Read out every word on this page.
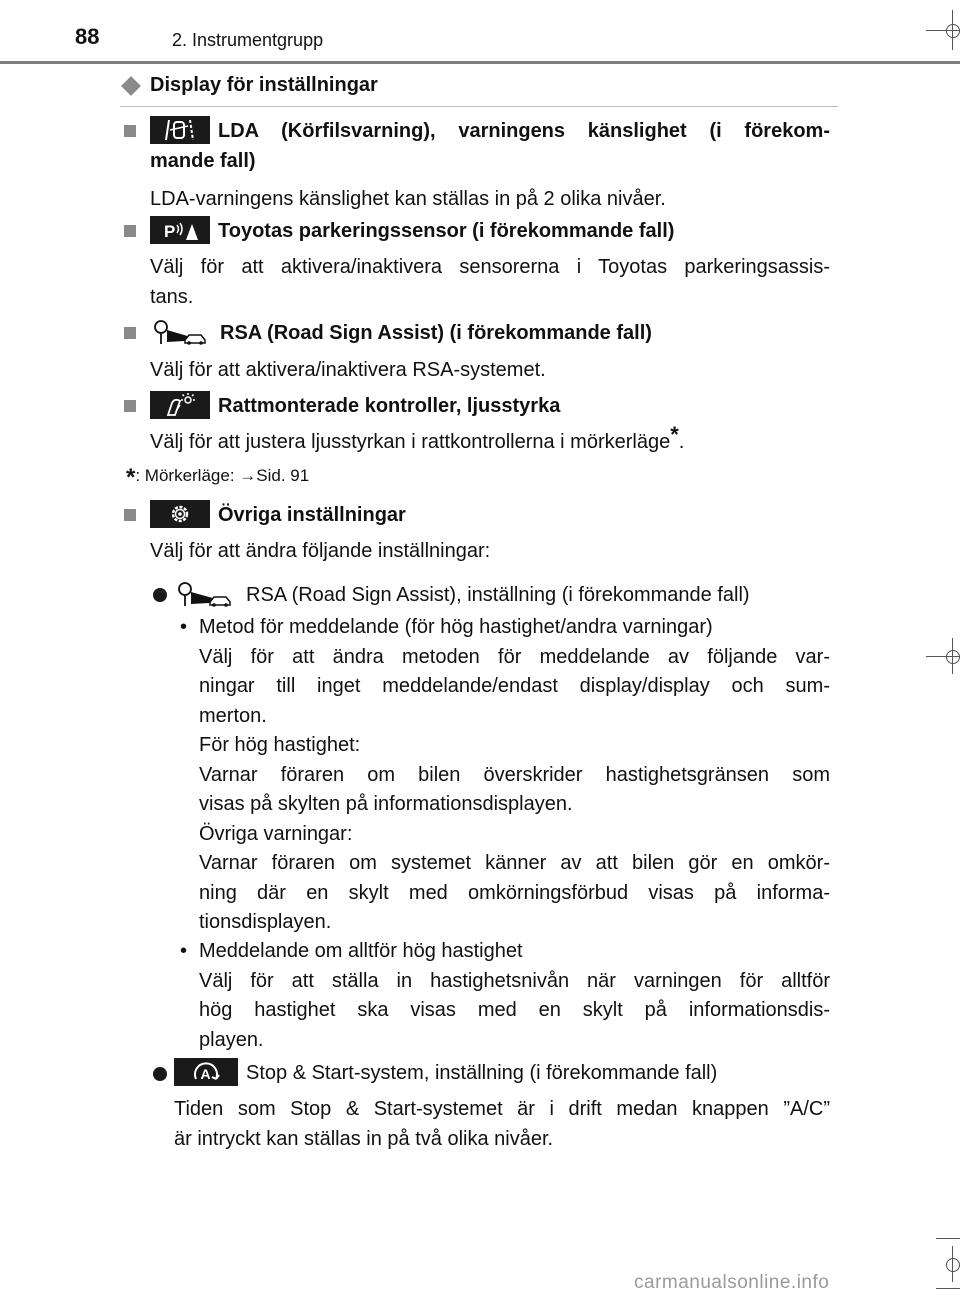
88	2. Instrumentgrupp
Display för inställningar
LDA (Körfilsvarning), varningens känslighet (i förekom-
mande fall)
LDA-varningens känslighet kan ställas in på 2 olika nivåer.
P Toyotas parkeringssensor (i förekommande fall)
Välj för att aktivera/inaktivera sensorerna i Toyotas parkeringsassis-
tans.
RSA (Road Sign Assist) (i förekommande fall)
Välj för att aktivera/inaktivera RSA-systemet.
Rattmonterade kontroller, ljusstyrka
Välj för att justera ljusstyrkan i rattkontrollerna i mörkerläge*.
*: Mörkerläge: →Sid. 91
Övriga inställningar
Välj för att ändra följande inställningar:
RSA (Road Sign Assist), inställning (i förekommande fall)
• Metod för meddelande (för hög hastighet/andra varningar)
Välj för att ändra metoden för meddelande av följande var-
ningar till inget meddelande/endast display/display och sum-
merton.
För hög hastighet:
Varnar föraren om bilen överskrider hastighetsgränsen som
visas på skylten på informationsdisplayen.
Övriga varningar:
Varnar föraren om systemet känner av att bilen gör en omkör-
ning där en skylt med omkörningsförbud visas på informa-
tionsdisplayen.
• Meddelande om alltför hög hastighet
Välj för att ställa in hastighetsnivån när varningen för alltför
hög hastighet ska visas med en skylt på informationsdis-
playen.
A Stop & Start-system, inställning (i förekommande fall)
Tiden som Stop & Start-systemet är i drift medan knappen ”A/C”
är intryckt kan ställas in på två olika nivåer.
carmanualsonline.info
